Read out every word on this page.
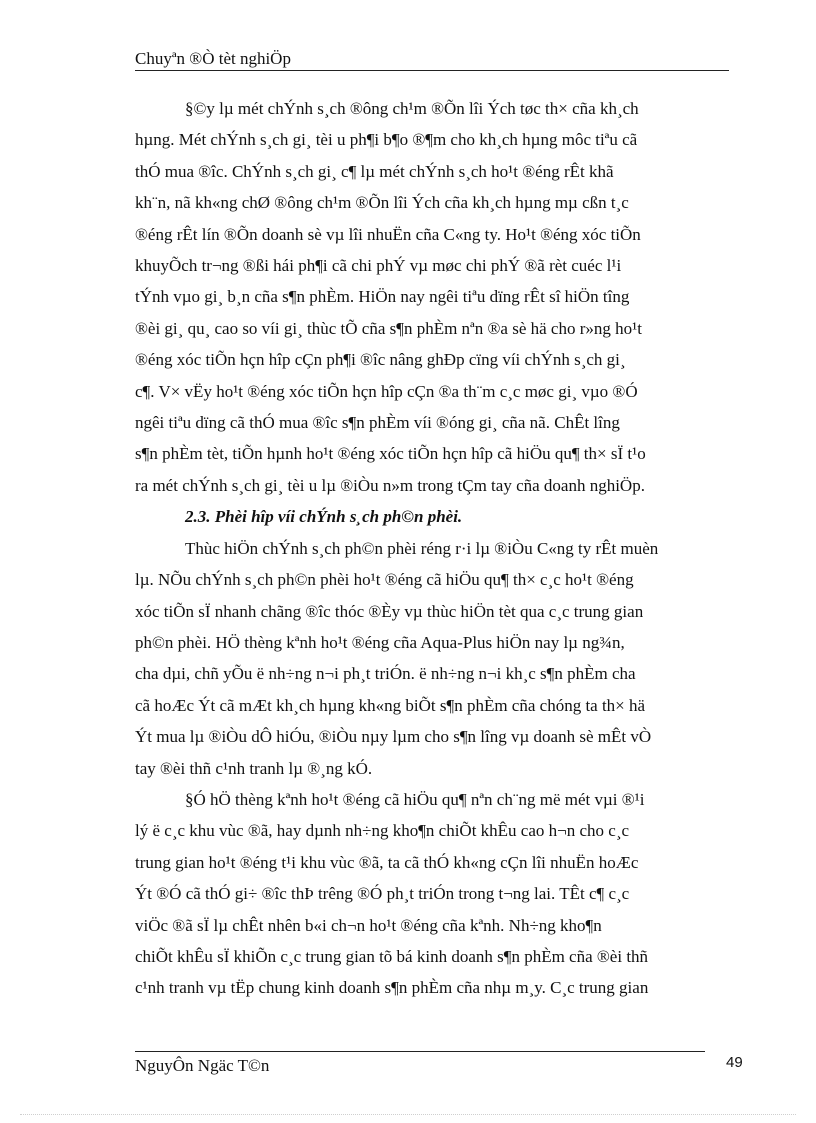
Chuyªn ®Ò tèt nghiÖp

§©y lµ mét chÝnh s¸ch ®ông ch¹m ®Õn lîi Ých tøc th× cña kh¸ch
hµng. Mét chÝnh s¸ch gi¸ tèi u ph¶i b¶o ®¶m cho kh¸ch hµng môc tiªu cã
thÓ mua ®îc. ChÝnh s¸ch gi¸ c¶ lµ mét chÝnh s¸ch ho¹t ®éng rÊt khã
kh¨n, nã kh«ng chØ ®ông ch¹m ®Õn lîi Ých cña kh¸ch hµng mµ cßn t¸c
®éng rÊt lín ®Õn doanh sè vµ lîi nhuËn cña C«ng ty. Ho¹t ®éng xóc tiÕn
khuyÕch tr¬ng ®ßi hái ph¶i cã chi phÝ vµ møc chi phÝ ®ã rèt cuéc l¹i
tÝnh vµo gi¸ b¸n cña s¶n phÈm. HiÖn nay ngêi tiªu dïng rÊt sî hiÖn tîng
®èi gi¸ qu¸ cao so víi gi¸ thùc tÕ cña s¶n phÈm nªn ®a sè hä cho r»ng ho¹t
®éng xóc tiÕn hçn hîp cÇn ph¶i ®îc nâng ghÐp cïng víi chÝnh s¸ch gi¸
c¶. V× vËy ho¹t ®éng xóc tiÕn hçn hîp cÇn ®a th¨m c¸c møc gi¸ vµo ®Ó
ngêi tiªu dïng cã thÓ mua ®îc s¶n phÈm víi ®óng gi¸ cña nã. ChÊt lîng
s¶n phÈm tèt, tiÕn hµnh ho¹t ®éng xóc tiÕn hçn hîp cã hiÖu qu¶ th× sÏ t¹o
ra mét chÝnh s¸ch gi¸ tèi u lµ ®iÒu n»m trong tÇm tay cña doanh nghiÖp.

2.3. Phèi hîp víi chÝnh s¸ch ph©n phèi.

Thùc hiÖn chÝnh s¸ch ph©n phèi réng r·i lµ ®iÒu C«ng ty rÊt muèn
lµ. NÕu chÝnh s¸ch ph©n phèi ho¹t ®éng cã hiÖu qu¶ th× c¸c ho¹t ®éng
xóc tiÕn sÏ nhanh chãng ®îc thóc ®Èy vµ thùc hiÖn tèt qua c¸c trung gian
ph©n phèi. HÖ thèng kªnh ho¹t ®éng cña Aqua-Plus hiÖn nay lµ ng¾n,
cha dµi, chñ yÕu ë nh÷ng n¬i ph¸t triÓn. ë nh÷ng n¬i kh¸c s¶n phÈm cha
cã hoÆc Ýt cã mÆt kh¸ch hµng kh«ng biÕt s¶n phÈm cña chóng ta th× hä
Ýt mua lµ ®iÒu dÔ hiÓu, ®iÒu nµy lµm cho s¶n lîng vµ doanh sè mÊt vÒ
tay ®èi thñ c¹nh tranh lµ ®¸ng kÓ.

§Ó hÖ thèng kªnh ho¹t ®éng cã hiÖu qu¶ nªn ch¨ng më mét vµi ®¹i
lý ë c¸c khu vùc ®ã, hay dµnh nh÷ng kho¶n chiÕt khÊu cao h¬n cho c¸c
trung gian ho¹t ®éng t¹i khu vùc ®ã, ta cã thÓ kh«ng cÇn lîi nhuËn hoÆc
Ýt ®Ó cã thÓ gi÷ ®îc thÞ trêng ®Ó ph¸t triÓn trong t¬ng lai. TÊt c¶ c¸c
viÖc ®ã sÏ lµ chÊt nhên b«i ch¬n ho¹t ®éng cña kªnh. Nh÷ng kho¶n
chiÕt khÊu sÏ khiÕn c¸c trung gian tõ bá kinh doanh s¶n phÈm cña ®èi thñ
c¹nh tranh vµ tËp chung kinh doanh s¶n phÈm cña nhµ m¸y. C¸c trung gian

NguyÔn Ngäc T©n	49
